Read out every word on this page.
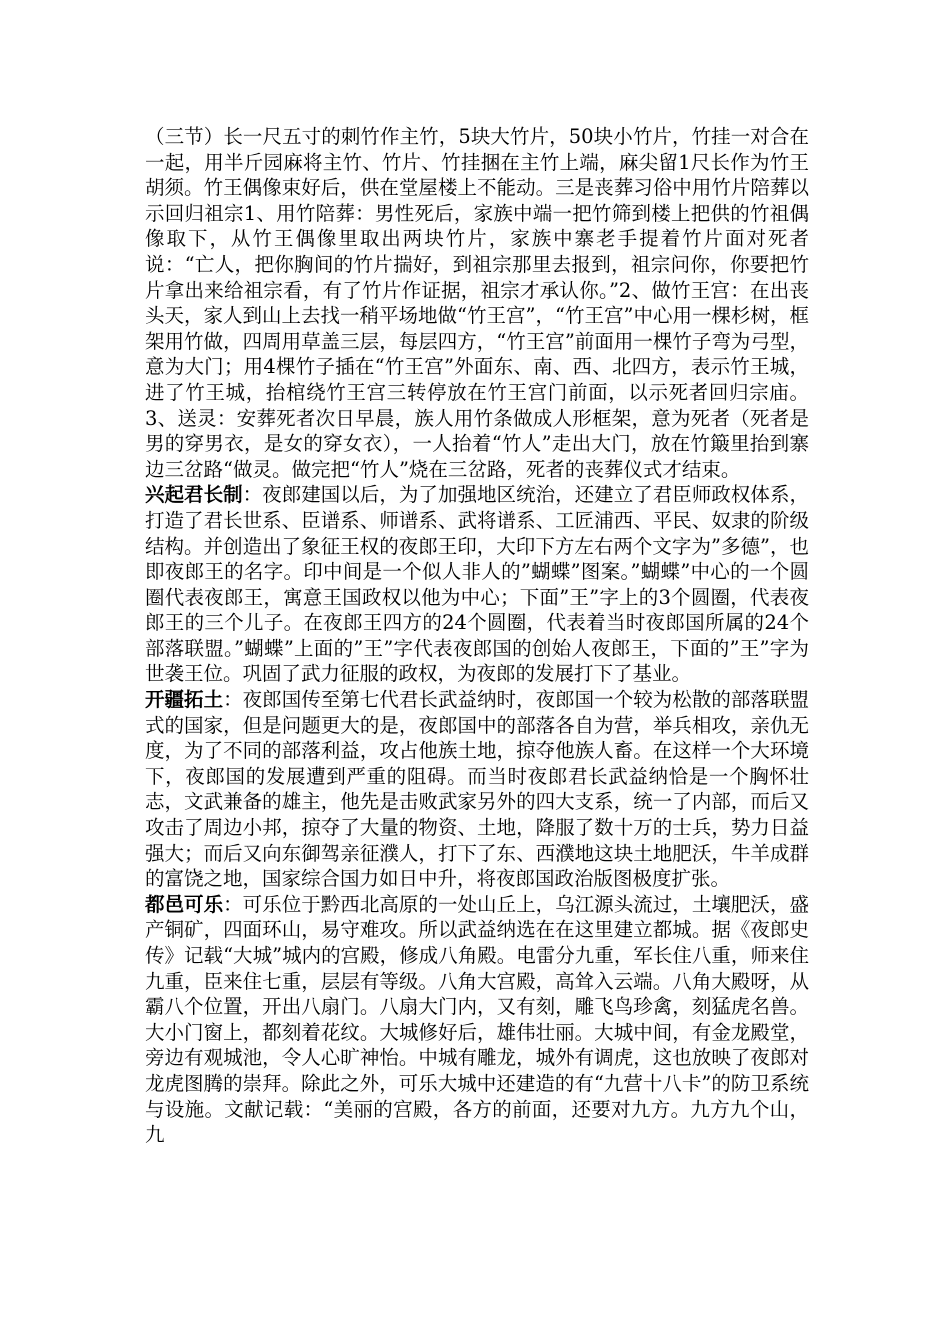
（三节）长一尺五寸的刺竹作主竹，5块大竹片，50块小竹片，竹挂一对合在一起，用半斤园麻将主竹、竹片、竹挂捆在主竹上端，麻尖留1尺长作为竹王胡须。竹王偶像束好后，供在堂屋楼上不能动。三是丧葬习俗中用竹片陪葬以示回归祖宗1、用竹陪葬：男性死后，家族中端一把竹筛到楼上把供的竹祖偶像取下，从竹王偶像里取出两块竹片，家族中寨老手提着竹片面对死者说：“亡人，把你胸间的竹片揣好，到祖宗那里去报到，祖宗问你，你要把竹片拿出来给祖宗看，有了竹片作证据，祖宗才承认你。”2、做竹王宫：在出丧头天，家人到山上去找一稍平场地做“竹王宫”，“竹王宫”中心用一棵杉树，框架用竹做，四周用草盖三层，每层四方，“竹王宫”前面用一棵竹子弯为弓型，意为大门；用4棵竹子插在“竹王宫”外面东、南、西、北四方，表示竹王城，进了竹王城，抬棺绕竹王宫三转停放在竹王宫门前面，以示死者回归宗庙。3、送灵：安葬死者次日早晨，族人用竹条做成人形框架，意为死者（死者是男的穿男衣，是女的穿女衣），一人抬着“竹人”走出大门，放在竹簸里抬到寨边三岔路“做灵。做完把“竹人”烧在三岔路，死者的丧葬仪式才结束。

兴起君长制：夜郎建国以后，为了加强地区统治，还建立了君臣师政权体系，打造了君长世系、臣谱系、师谱系、武将谱系、工匠浦西、平民、奴隶的阶级结构。并创造出了象征王权的夜郎王印，大印下方左右两个文字为”多德”，也即夜郎王的名字。印中间是一个似人非人的”蝴蝶”图案。”蝴蝶”中心的一个圆圈代表夜郎王，寓意王国政权以他为中心；下面”王”字上的3个圆圈，代表夜郎王的三个儿子。在夜郎王四方的24个圆圈，代表着当时夜郎国所属的24个部落联盟。”蝴蝶”上面的”王”字代表夜郎国的创始人夜郎王，下面的”王”字为世袭王位。巩固了武力征服的政权，为夜郎的发展打下了基业。

开疆拓土：夜郎国传至第七代君长武益纳时，夜郎国一个较为松散的部落联盟式的国家，但是问题更大的是，夜郎国中的部落各自为营，举兵相攻，亲仇无度，为了不同的部落利益，攻占他族土地，掠夺他族人畜。在这样一个大环境下，夜郎国的发展遭到严重的阻碍。而当时夜郎君长武益纳恰是一个胸怀壮志，文武兼备的雄主，他先是击败武家另外的四大支系，统一了内部，而后又攻击了周边小邦，掠夺了大量的物资、土地，降服了数十万的士兵，势力日益强大；而后又向东御驾亲征濮人，打下了东、西濮地这块土地肥沃，牛羊成群的富饶之地，国家综合国力如日中升，将夜郎国政治版图极度扩张。

都邑可乐：可乐位于黔西北高原的一处山丘上，乌江源头流过，土壤肥沃，盛产铜矿，四面环山，易守难攻。所以武益纳选在在这里建立都城。据《夜郎史传》记载“大城”城内的宫殿，修成八角殿。电雷分九重，军长住八重，师来住九重，臣来住七重，层层有等级。八角大宫殿，高耸入云端。八角大殿呀，从霸八个位置，开出八扇门。八扇大门内，又有刻，雕飞鸟珍禽，刻猛虎名兽。大小门窗上，都刻着花纹。大城修好后，雄伟壮丽。大城中间，有金龙殿堂，旁边有观城池，令人心旷神怡。中城有雕龙，城外有调虎，这也放映了夜郎对龙虎图腾的崇拜。除此之外，可乐大城中还建造的有“九营十八卡”的防卫系统与设施。文献记载：“美丽的宫殿，各方的前面，还要对九方。九方九个山，九
